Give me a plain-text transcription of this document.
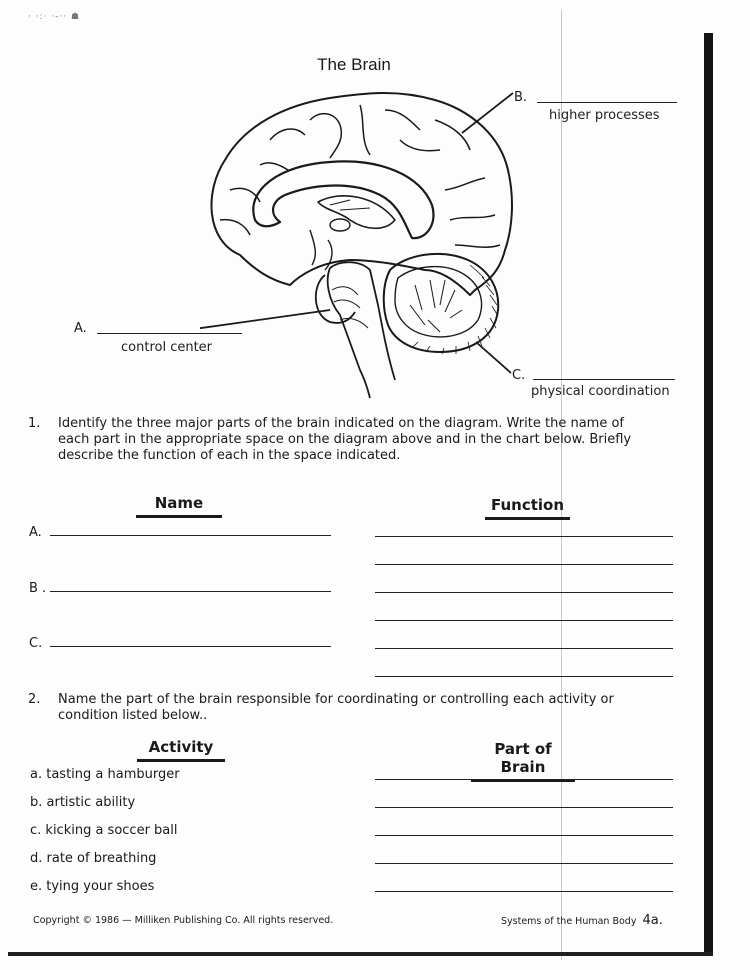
· ·:· ·-·· ☗
The Brain
B.
higher processes
A.
control center
C.
physical coordination
1. Identify the three major parts of the brain indicated on the diagram. Write the name of each part in the appropriate space on the diagram above and in the chart below. Briefly describe the function of each in the space indicated.
Name	Function
A.
B .
C.
2. Name the part of the brain responsible for coordinating or controlling each activity or condition listed below..
Activity	Part of Brain
a. tasting a hamburger
b. artistic ability
c. kicking a soccer ball
d. rate of breathing
e. tying your shoes
Copyright © 1986 — Milliken Publishing Co. All rights reserved.	Systems of the Human Body 4a.
